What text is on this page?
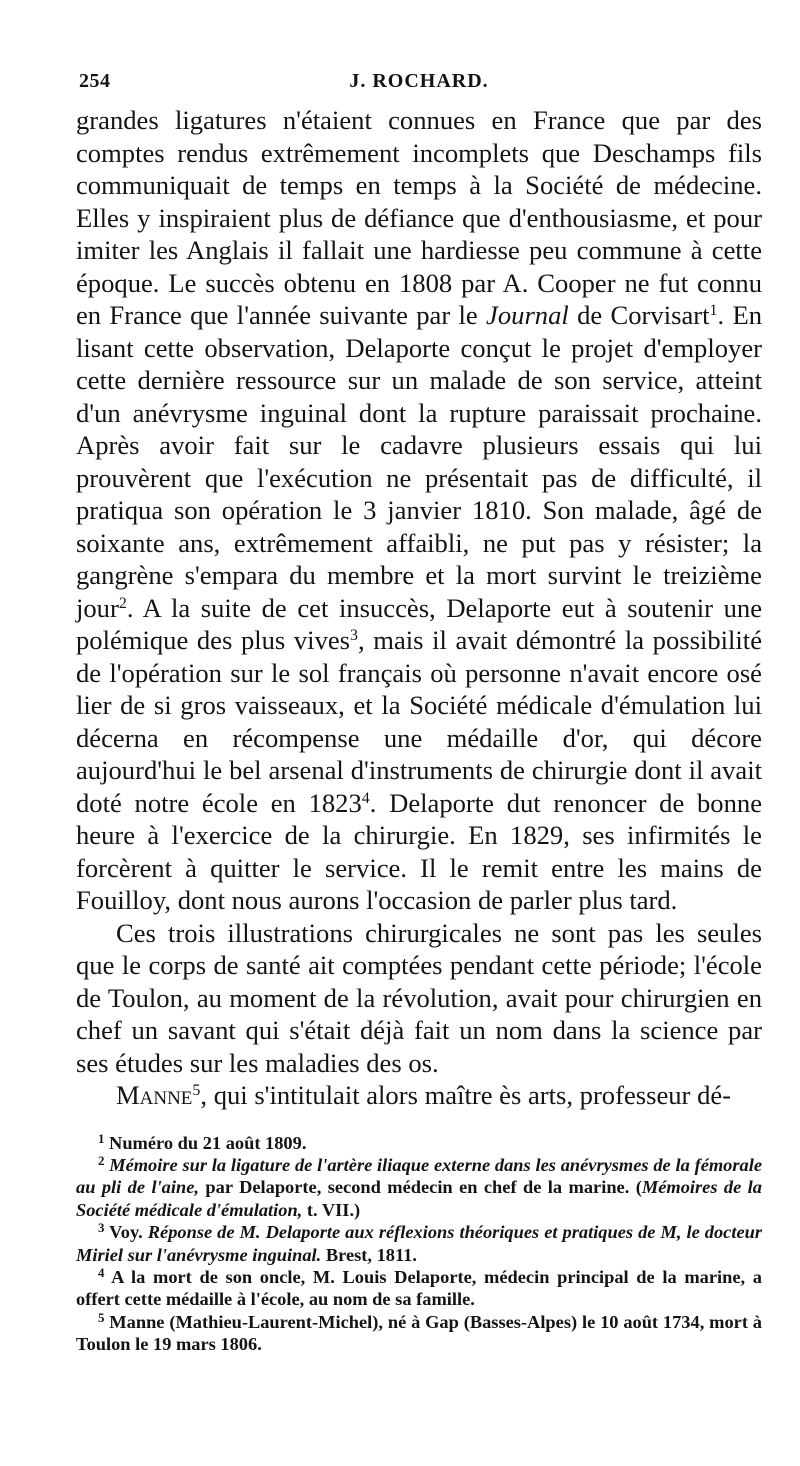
254	J. ROCHARD.

grandes ligatures n'étaient connues en France que par des comptes rendus extrêmement incomplets que Deschamps fils communiquait de temps en temps à la Société de médecine. Elles y inspiraient plus de défiance que d'enthousiasme, et pour imiter les Anglais il fallait une hardiesse peu commune à cette époque. Le succès obtenu en 1808 par A. Cooper ne fut connu en France que l'année suivante par le Journal de Corvisart$^1$. En lisant cette observation, Delaporte conçut le projet d'employer cette dernière ressource sur un malade de son service, atteint d'un anévrysme inguinal dont la rupture paraissait prochaine. Après avoir fait sur le cadavre plusieurs essais qui lui prouvèrent que l'exécution ne présentait pas de difficulté, il pratiqua son opération le 3 janvier 1810. Son malade, âgé de soixante ans, extrêmement affaibli, ne put pas y résister; la gangrène s'empara du membre et la mort survint le treizième jour$^2$. A la suite de cet insuccès, Delaporte eut à soutenir une polémique des plus vives$^3$, mais il avait démontré la possibilité de l'opération sur le sol français où personne n'avait encore osé lier de si gros vaisseaux, et la Société médicale d'émulation lui décerna en récompense une médaille d'or, qui décore aujourd'hui le bel arsenal d'instruments de chirurgie dont il avait doté notre école en 1823$^4$. Delaporte dut renoncer de bonne heure à l'exercice de la chirurgie. En 1829, ses infirmités le forcèrent à quitter le service. Il le remit entre les mains de Fouilloy, dont nous aurons l'occasion de parler plus tard.

Ces trois illustrations chirurgicales ne sont pas les seules que le corps de santé ait comptées pendant cette période; l'école de Toulon, au moment de la révolution, avait pour chirurgien en chef un savant qui s'était déjà fait un nom dans la science par ses études sur les maladies des os.

Manne$^5$, qui s'intitulait alors maître ès arts, professeur dé-

$^1$ Numéro du 21 août 1809.

$^2$ Mémoire sur la ligature de l'artère iliaque externe dans les anévrysmes de la fémorale au pli de l'aine, par Delaporte, second médecin en chef de la marine. (Mémoires de la Société médicale d'émulation, t. VII.)

$^3$ Voy. Réponse de M. Delaporte aux réflexions théoriques et pratiques de M, le docteur Miriel sur l'anévrysme inguinal. Brest, 1811.

$^4$ A la mort de son oncle, M. Louis Delaporte, médecin principal de la marine, a offert cette médaille à l'école, au nom de sa famille.

$^5$ Manne (Mathieu-Laurent-Michel), né à Gap (Basses-Alpes) le 10 août 1734, mort à Toulon le 19 mars 1806.
